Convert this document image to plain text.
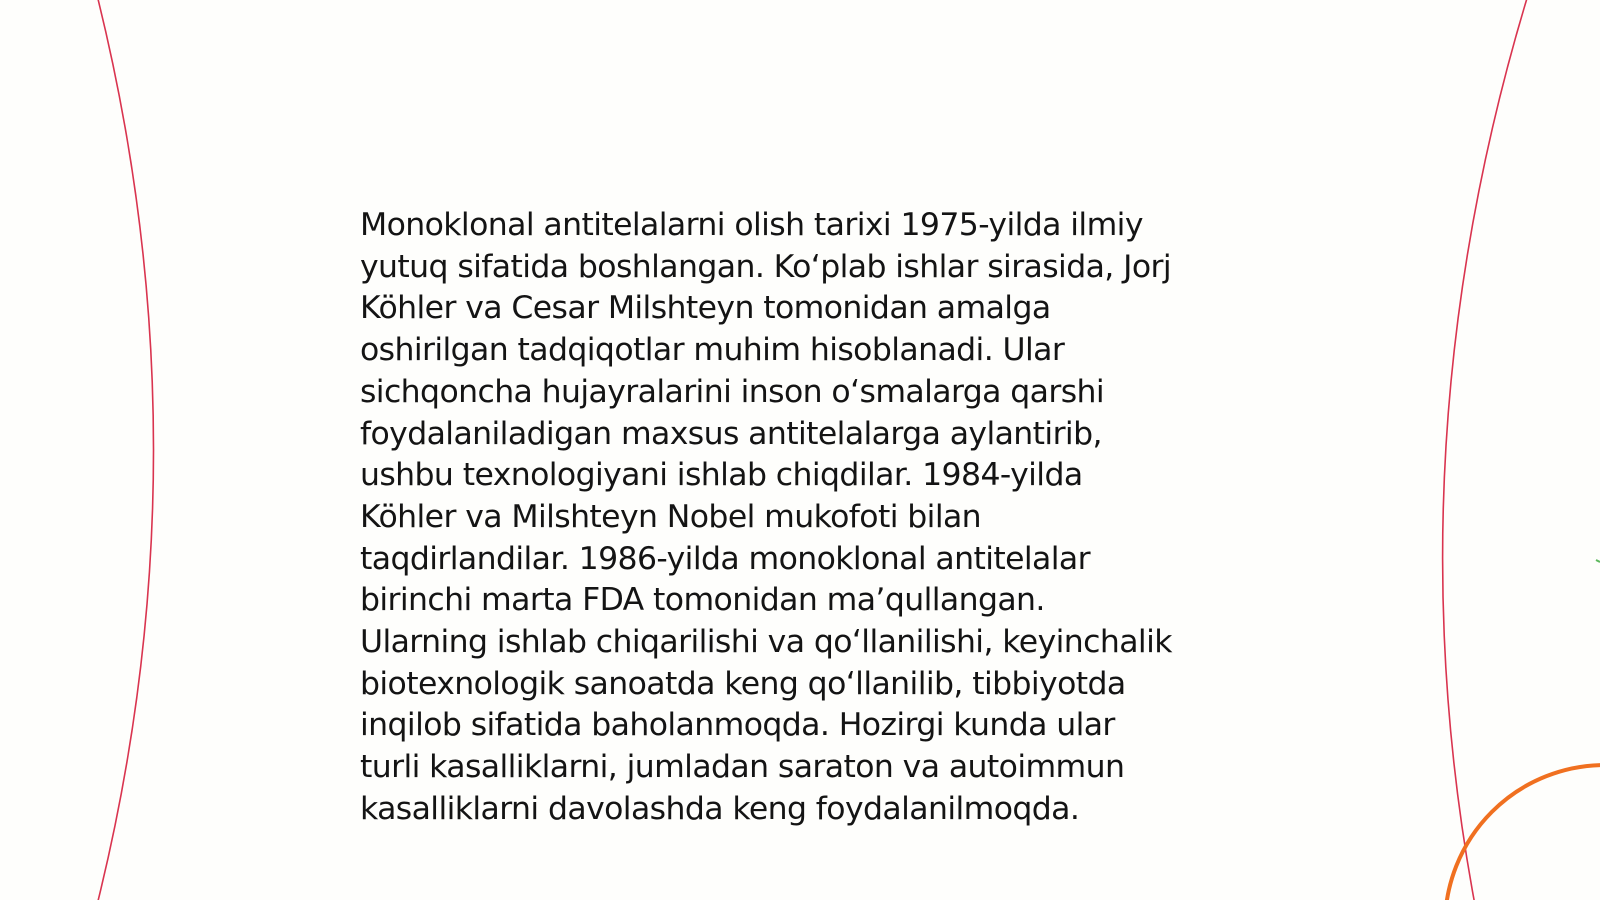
Monoklonal antitelalarni olish tarixi 1975-yilda ilmiy
yutuq sifatida boshlangan. Ko‘plab ishlar sirasida, Jorj
Köhler va Cesar Milshteyn tomonidan amalga
oshirilgan tadqiqotlar muhim hisoblanadi. Ular
sichqoncha hujayralarini inson o‘smalarga qarshi
foydalaniladigan maxsus antitelalarga aylantirib,
ushbu texnologiyani ishlab chiqdilar. 1984-yilda
Köhler va Milshteyn Nobel mukofoti bilan
taqdirlandilar. 1986-yilda monoklonal antitelalar
birinchi marta FDA tomonidan ma’qullangan.
Ularning ishlab chiqarilishi va qo‘llanilishi, keyinchalik
biotexnologik sanoatda keng qo‘llanilib, tibbiyotda
inqilob sifatida baholanmoqda. Hozirgi kunda ular
turli kasalliklarni, jumladan saraton va autoimmun
kasalliklarni davolashda keng foydalanilmoqda.
